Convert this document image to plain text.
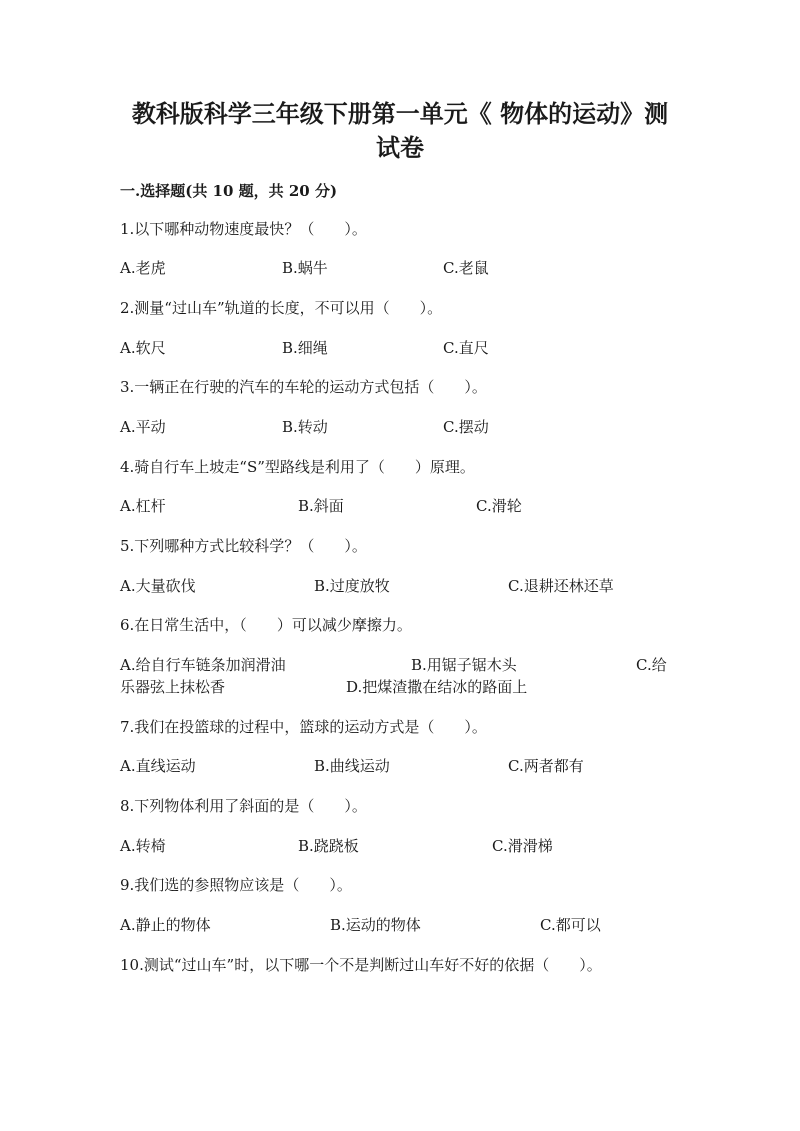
教科版科学三年级下册第一单元《 物体的运动》测
试卷

一.选择题(共 10 题，共 20 分)

1.以下哪种动物速度最快？（　　）。

A.老虎	B.蜗牛	C.老鼠

2.测量“过山车”轨道的长度，不可以用（　　）。

A.软尺	B.细绳	C.直尺

3.一辆正在行驶的汽车的车轮的运动方式包括（　　）。

A.平动	B.转动	C.摆动

4.骑自行车上坡走“S”型路线是利用了（　　）原理。

A.杠杆	B.斜面	C.滑轮

5.下列哪种方式比较科学？（　　）。

A.大量砍伐	B.过度放牧	C.退耕还林还草

6.在日常生活中，（　　）可以减少摩擦力。

A.给自行车链条加润滑油	B.用锯子锯木头	C.给
乐器弦上抹松香	D.把煤渣撒在结冰的路面上

7.我们在投篮球的过程中，篮球的运动方式是（　　）。

A.直线运动	B.曲线运动	C.两者都有

8.下列物体利用了斜面的是（　　）。

A.转椅	B.跷跷板	C.滑滑梯

9.我们选的参照物应该是（　　）。

A.静止的物体	B.运动的物体	C.都可以

10.测试“过山车”时，以下哪一个不是判断过山车好不好的依据（　　）。
